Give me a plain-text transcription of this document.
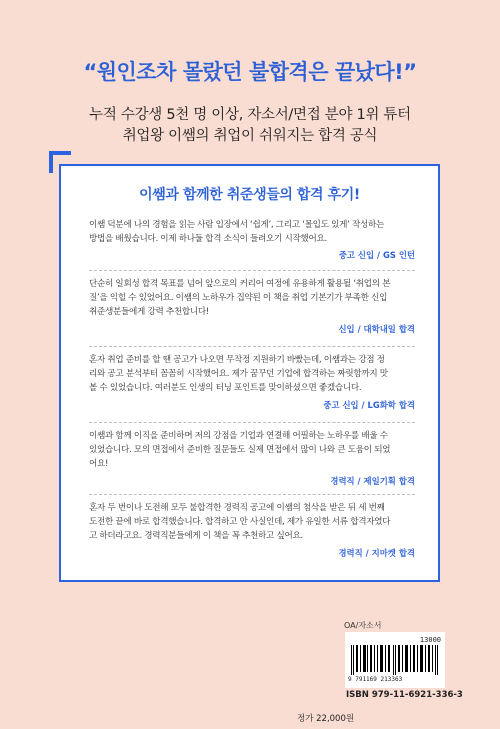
“원인조차 몰랐던 불합격은 끝났다!”
누적 수강생 5천 명 이상, 자소서/면접 분야 1위 튜터
취업왕 이쌤의 취업이 쉬워지는 합격 공식
이쌤과 함께한 취준생들의 합격 후기!
이쌤 덕분에 나의 경험을 읽는 사람 입장에서 ‘쉽게’, 그리고 ‘몰입도 있게’ 작성하는
방법을 배웠습니다. 이제 하나둘 합격 소식이 들려오기 시작했어요.
중고 신입 / GS 인턴
단순히 일회성 합격 목표를 넘어 앞으로의 커리어 여정에 유용하게 활용될 ‘취업의 본
질’을 익힐 수 있었어요. 이쌤의 노하우가 집약된 이 책을 취업 기본기가 부족한 신입
취준생분들에게 강력 추천합니다!
신입 / 대학내일 합격
혼자 취업 준비를 할 땐 공고가 나오면 무작정 지원하기 바빴는데, 이쌤과는 강점 정
리와 공고 분석부터 꼼꼼히 시작했어요. 제가 꿈꾸던 기업에 합격하는 짜릿함까지 맛
볼 수 있었습니다. 여러분도 인생의 터닝 포인트를 맞이하셨으면 좋겠습니다.
중고 신입 / LG화학 합격
이쌤과 함께 이직을 준비하며 저의 강점을 기업과 연결해 어필하는 노하우를 배울 수
있었습니다. 모의 면접에서 준비한 질문들도 실제 면접에서 많이 나와 큰 도움이 되었
어요!
경력직 / 제일기획 합격
혼자 두 번이나 도전해 모두 불합격한 경력직 공고에 이쌤의 첨삭을 받은 뒤 세 번째
도전한 끝에 바로 합격했습니다. 합격하고 안 사실인데, 제가 유일한 서류 합격자였다
고 하더라고요. 경력직분들에게 이 책을 꼭 추천하고 싶어요.
경력직 / 지마켓 합격
OA/자소서
13000
9 791169 213363
ISBN 979-11-6921-336-3
정가 22,000원
